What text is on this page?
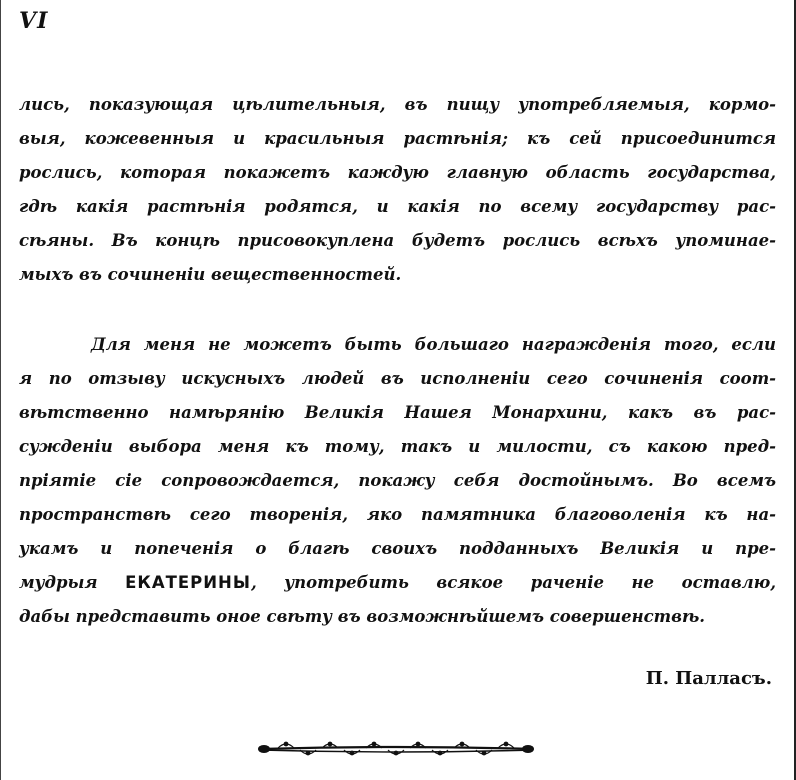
VI
лись, показующая цѣлительныя, въ пищу употребляемыя, кормо-
выя, кожевенныя и красильныя растѣнія; къ сей присоединится
рослись, которая покажетъ каждую главную область государства,
гдѣ какія растѣнія родятся, и какія по всему государству рас-
сѣяны. Въ концѣ присовокуплена будетъ рослись всѣхъ упоминае-
мыхъ въ сочиненіи вещественностей.
Для меня не можетъ быть большаго награжденія того, если
я по отзыву искусныхъ людей въ исполненіи сего сочиненія соот-
вѣтственно намѣрянію Великія Нашея Монархини, какъ въ рас-
сужденіи выбора меня къ тому, такъ и милости, съ какою пред-
пріятіе сіе сопровождается, покажу себя достойнымъ. Во всемъ
пространствѣ сего творенія, яко памятника благоволенія къ на-
укамъ и попеченія о благѣ своихъ подданныхъ Великія и пре-
мудрыя ЕКАТЕРИНЫ, употребить всякое раченіе не оставлю,
дабы представить оное свѣту въ возможнѣйшемъ совершенствѣ.
П. Палласъ.
